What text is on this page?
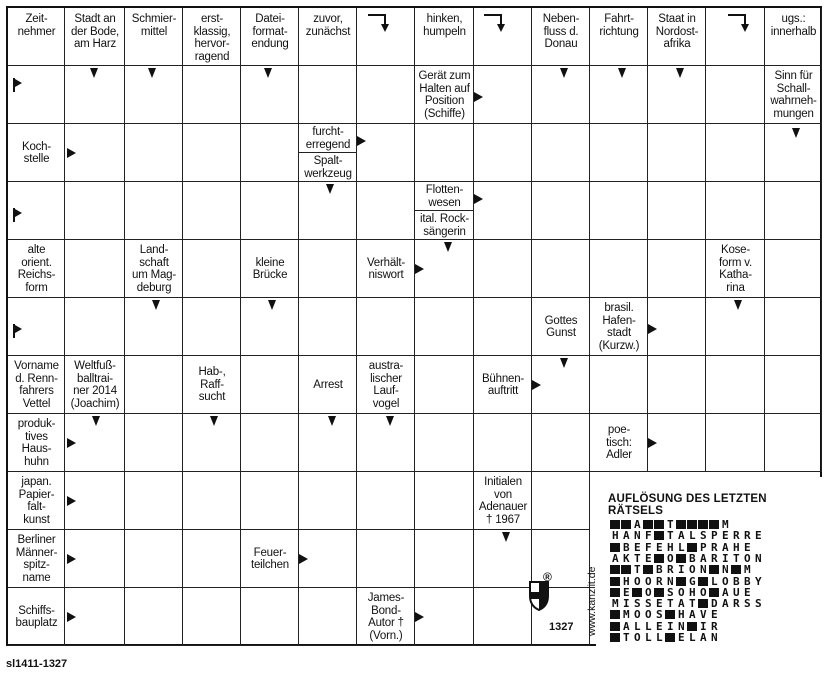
Zeit-
nehmer
Stadt an
der Bode,
am Harz
Schmier-
mittel
erst-
klassig,
hervor-
ragend
Datei-
format-
endung
zuvor,
zunächst
hinken,
humpeln
Neben-
fluss d.
Donau
Fahrt-
richtung
Staat in
Nordost-
afrika
ugs.:
innerhalb
Gerät zum
Halten auf
Position
(Schiffe)
Sinn für
Schall-
wahrneh-
mungen
Koch-
stelle
furcht-
erregend
Spalt-
werkzeug
Flotten-
wesen
ital. Rock-
sängerin
alte
orient.
Reichs-
form
Land-
schaft
um Mag-
deburg
kleine
Brücke
Verhält-
niswort
Kose-
form v.
Katha-
rina
Gottes
Gunst
brasil.
Hafen-
stadt
(Kurzw.)
Vorname
d. Renn-
fahrers
Vettel
Weltfuß-
balltrai-
ner 2014
(Joachim)
Hab-,
Raff-
sucht
Arrest
austra-
lischer
Lauf-
vogel
Bühnen-
auftritt
produk-
tives
Haus-
huhn
poe-
tisch:
Adler
japan.
Papier-
falt-
kunst
Initialen
von
Adenauer
† 1967
Berliner
Männer-
spitz-
name
Feuer-
teilchen
Schiffs-
bauplatz
James-
Bond-
Autor †
(Vorn.)
AUFLÖSUNG DES LETZTEN
RÄTSELS
A T	M
H A N F T A L S P E R R E
B E F E H L P R A H E
A K T E O B A R I T O N
T B R I O N N M
H O O R N G L O B B Y
E O S O H O A U E
M I S S E T A T D A R S S
M O O S H A V E
A L L E I N I R
T O L L E L A N
®
1327 www.kanzlit.de
sl1411-1327
